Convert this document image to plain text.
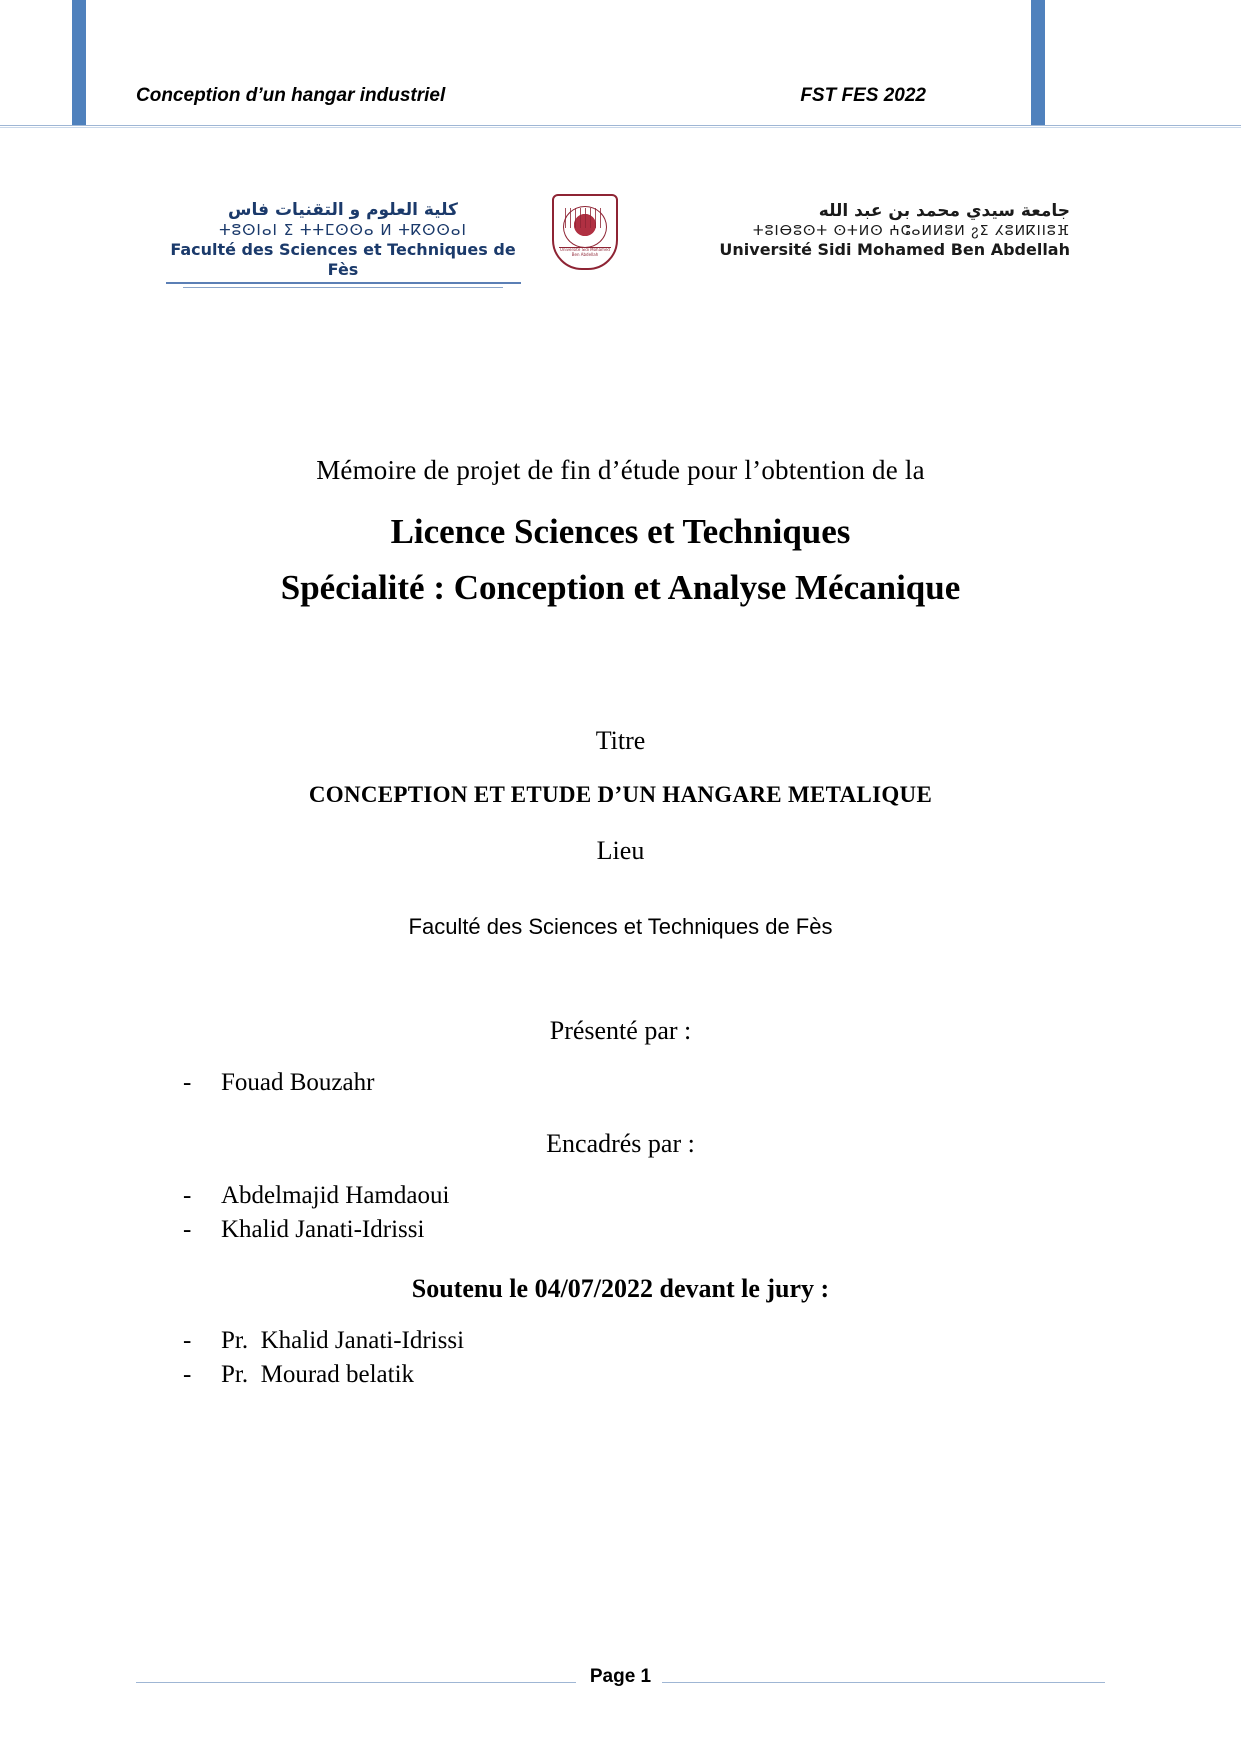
Conception d’un hangar industriel	FST FES 2022
كلية العلوم و التقنيات فاس
ⵜⵓⵙⵏⴰⵏ ⵉ ⵜⵜⵎⵙⵙⴰ ⵍ ⵜⴽⵙⵙⴰⵏ
Faculté des Sciences et Techniques de Fès
Université Sidi Mohamed Ben Abdellah
جامعة سيدي محمد بن عبد الله
ⵜⵓⵏⴱⵓⵙⵜ ⵙⵜⵍⵙ ⵄⵛⴰⵍⵍⵓⵍ ⴧⵉ ⵃⵓⵍⴽⵏⵏⵓⴼ
Université Sidi Mohamed Ben Abdellah
Mémoire de projet de fin d’étude pour l’obtention de la
Licence Sciences et Techniques
Spécialité : Conception et Analyse Mécanique
Titre
CONCEPTION ET ETUDE D’UN HANGARE METALIQUE
Lieu
Faculté des Sciences et Techniques de Fès
Présenté par :
- Fouad Bouzahr
Encadrés par :
- Abdelmajid Hamdaoui
- Khalid Janati-Idrissi
Soutenu le 04/07/2022 devant le jury :
- Pr.  Khalid Janati-Idrissi
- Pr.  Mourad belatik
Page 1
